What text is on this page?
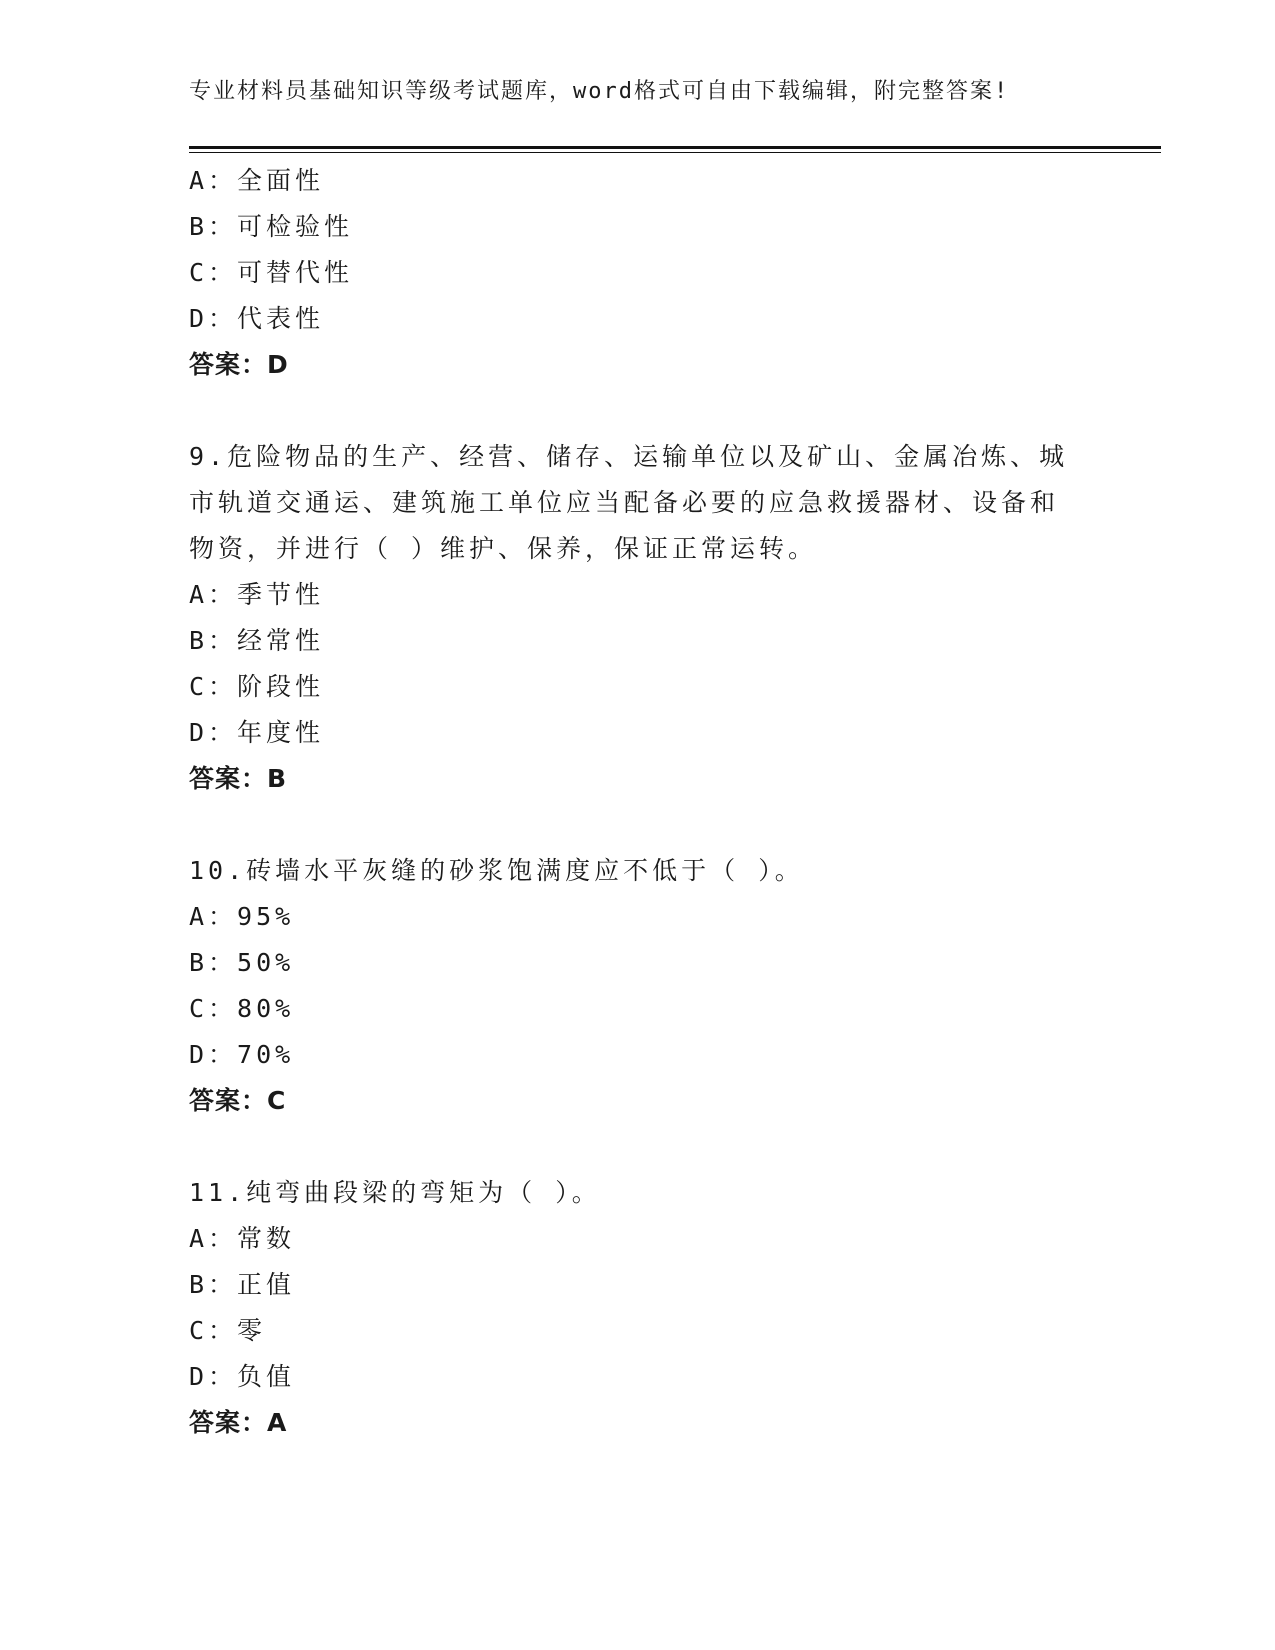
专业材料员基础知识等级考试题库，word格式可自由下载编辑，附完整答案!
A：全面性
B：可检验性
C：可替代性
D：代表性
答案：D
9.危险物品的生产、经营、储存、运输单位以及矿山、金属冶炼、城市轨道交通运、建筑施工单位应当配备必要的应急救援器材、设备和物资，并进行（ ）维护、保养，保证正常运转。
A：季节性
B：经常性
C：阶段性
D：年度性
答案：B
10.砖墙水平灰缝的砂浆饱满度应不低于（ ）。
A：95%
B：50%
C：80%
D：70%
答案：C
11.纯弯曲段梁的弯矩为（ ）。
A：常数
B：正值
C：零
D：负值
答案：A
